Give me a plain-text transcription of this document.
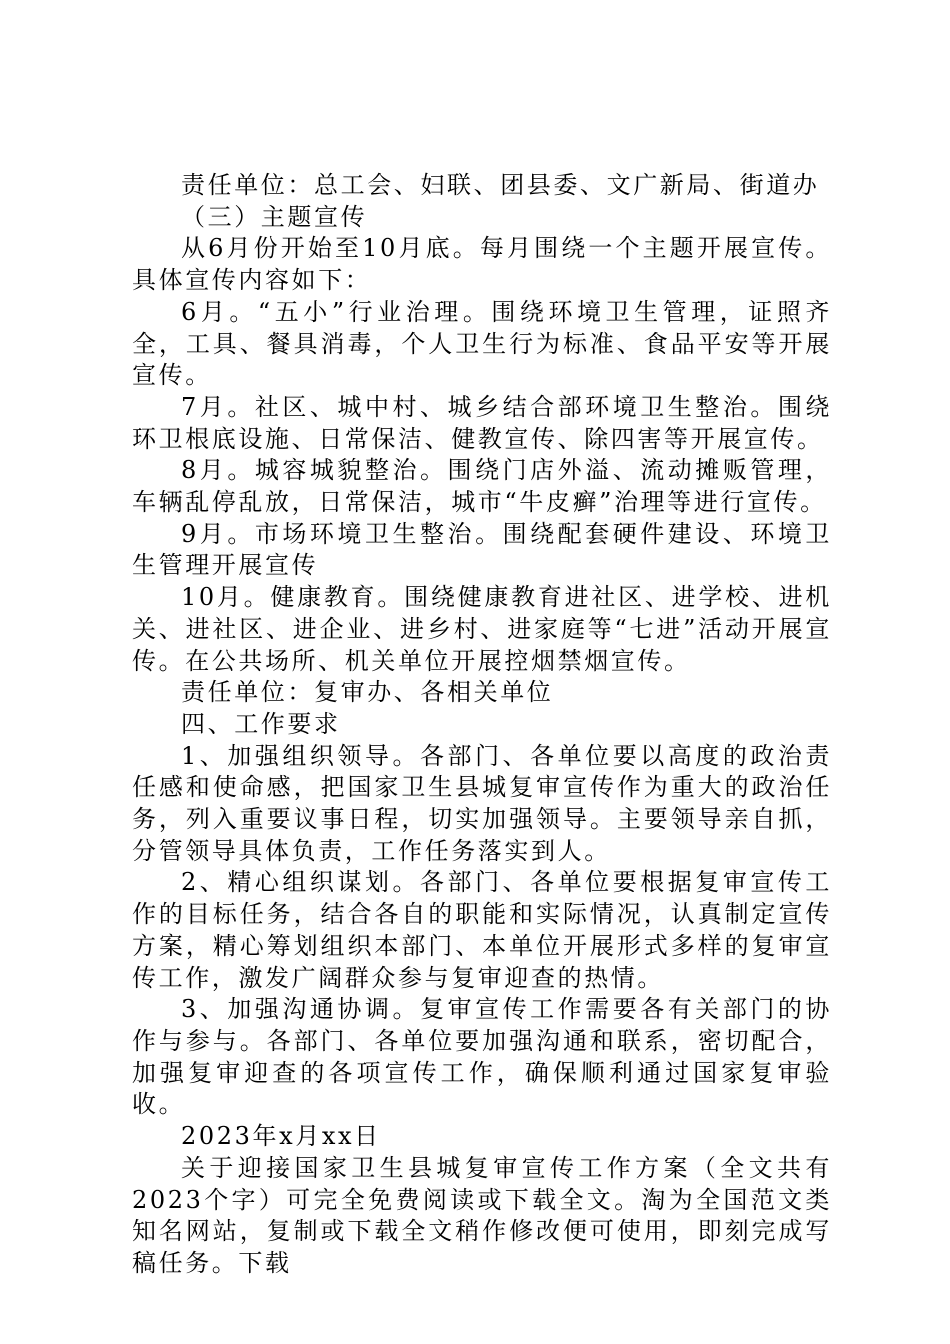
责任单位：总工会、妇联、团县委、文广新局、街道办

（三）主题宣传

从6月份开始至10月底。每月围绕一个主题开展宣传。具体宣传内容如下：

6月。“五小”行业治理。围绕环境卫生管理，证照齐全，工具、餐具消毒，个人卫生行为标准、食品平安等开展宣传。

7月。社区、城中村、城乡结合部环境卫生整治。围绕环卫根底设施、日常保洁、健教宣传、除四害等开展宣传。

8月。城容城貌整治。围绕门店外溢、流动摊贩管理，车辆乱停乱放，日常保洁，城市“牛皮癣”治理等进行宣传。

9月。市场环境卫生整治。围绕配套硬件建设、环境卫生管理开展宣传

10月。健康教育。围绕健康教育进社区、进学校、进机关、进社区、进企业、进乡村、进家庭等“七进”活动开展宣传。在公共场所、机关单位开展控烟禁烟宣传。

责任单位：复审办、各相关单位

四、工作要求

1、加强组织领导。各部门、各单位要以高度的政治责任感和使命感，把国家卫生县城复审宣传作为重大的政治任务，列入重要议事日程，切实加强领导。主要领导亲自抓，分管领导具体负责，工作任务落实到人。

2、精心组织谋划。各部门、各单位要根据复审宣传工作的目标任务，结合各自的职能和实际情况，认真制定宣传方案，精心筹划组织本部门、本单位开展形式多样的复审宣传工作，激发广阔群众参与复审迎查的热情。

3、加强沟通协调。复审宣传工作需要各有关部门的协作与参与。各部门、各单位要加强沟通和联系，密切配合，加强复审迎查的各项宣传工作，确保顺利通过国家复审验收。

2023年x月xx日

关于迎接国家卫生县城复审宣传工作方案（全文共有2023个字）可完全免费阅读或下载全文。淘为全国范文类知名网站，复制或下载全文稍作修改便可使用，即刻完成写稿任务。下载
